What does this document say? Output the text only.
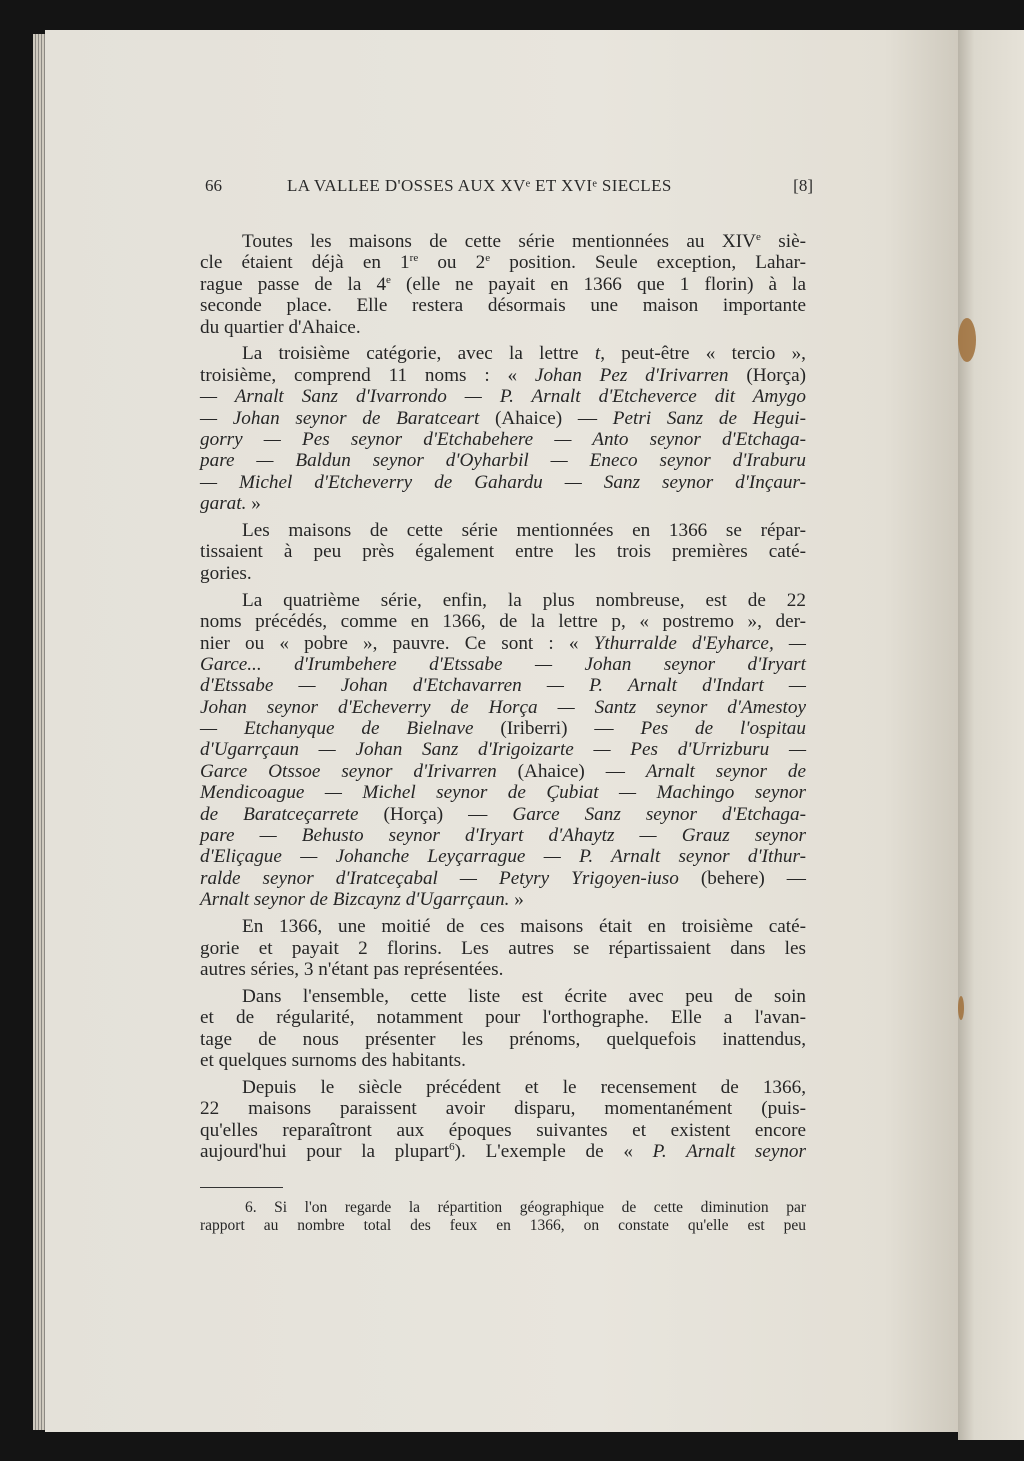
66	LA VALLEE D'OSSES AUX XVᵉ ET XVIᵉ SIECLES	[8]
Toutes les maisons de cette série mentionnées au XIVe siè-
cle étaient déjà en 1re ou 2e position. Seule exception, Lahar-
rague passe de la 4e (elle ne payait en 1366 que 1 florin) à la
seconde place. Elle restera désormais une maison importante
du quartier d'Ahaice.
La troisième catégorie, avec la lettre t, peut-être « tercio »,
troisième, comprend 11 noms : « Johan Pez d'Irivarren (Horça)
— Arnalt Sanz d'Ivarrondo — P. Arnalt d'Etcheverce dit Amygo
— Johan seynor de Baratceart (Ahaice) — Petri Sanz de Hegui-
gorry — Pes seynor d'Etchabehere — Anto seynor d'Etchaga-
pare — Baldun seynor d'Oyharbil — Eneco seynor d'Iraburu
— Michel d'Etcheverry de Gahardu — Sanz seynor d'Inçaur-
garat. »
Les maisons de cette série mentionnées en 1366 se répar-
tissaient à peu près également entre les trois premières caté-
gories.
La quatrième série, enfin, la plus nombreuse, est de 22
noms précédés, comme en 1366, de la lettre p, « postremo », der-
nier ou « pobre », pauvre. Ce sont : « Ythurralde d'Eyharce, —
Garce... d'Irumbehere d'Etssabe — Johan seynor d'Iryart
d'Etssabe — Johan d'Etchavarren — P. Arnalt d'Indart —
Johan seynor d'Echeverry de Horça — Santz seynor d'Amestoy
— Etchanyque de Bielnave (Iriberri) — Pes de l'ospitau
d'Ugarrçaun — Johan Sanz d'Irigoizarte — Pes d'Urrizburu —
Garce Otssoe seynor d'Irivarren (Ahaice) — Arnalt seynor de
Mendicoague — Michel seynor de Çubiat — Machingo seynor
de Baratceçarrete (Horça) — Garce Sanz seynor d'Etchaga-
pare — Behusto seynor d'Iryart d'Ahaytz — Grauz seynor
d'Eliçague — Johanche Leyçarrague — P. Arnalt seynor d'Ithur-
ralde seynor d'Iratceçabal — Petyry Yrigoyen-iuso (behere) —
Arnalt seynor de Bizcaynz d'Ugarrçaun. »
En 1366, une moitié de ces maisons était en troisième caté-
gorie et payait 2 florins. Les autres se répartissaient dans les
autres séries, 3 n'étant pas représentées.
Dans l'ensemble, cette liste est écrite avec peu de soin
et de régularité, notamment pour l'orthographe. Elle a l'avan-
tage de nous présenter les prénoms, quelquefois inattendus,
et quelques surnoms des habitants.
Depuis le siècle précédent et le recensement de 1366,
22 maisons paraissent avoir disparu, momentanément (puis-
qu'elles reparaîtront aux époques suivantes et existent encore
aujourd'hui pour la plupart$^6$). L'exemple de « P. Arnalt seynor
6. Si l'on regarde la répartition géographique de cette diminution par
rapport au nombre total des feux en 1366, on constate qu'elle est peu
